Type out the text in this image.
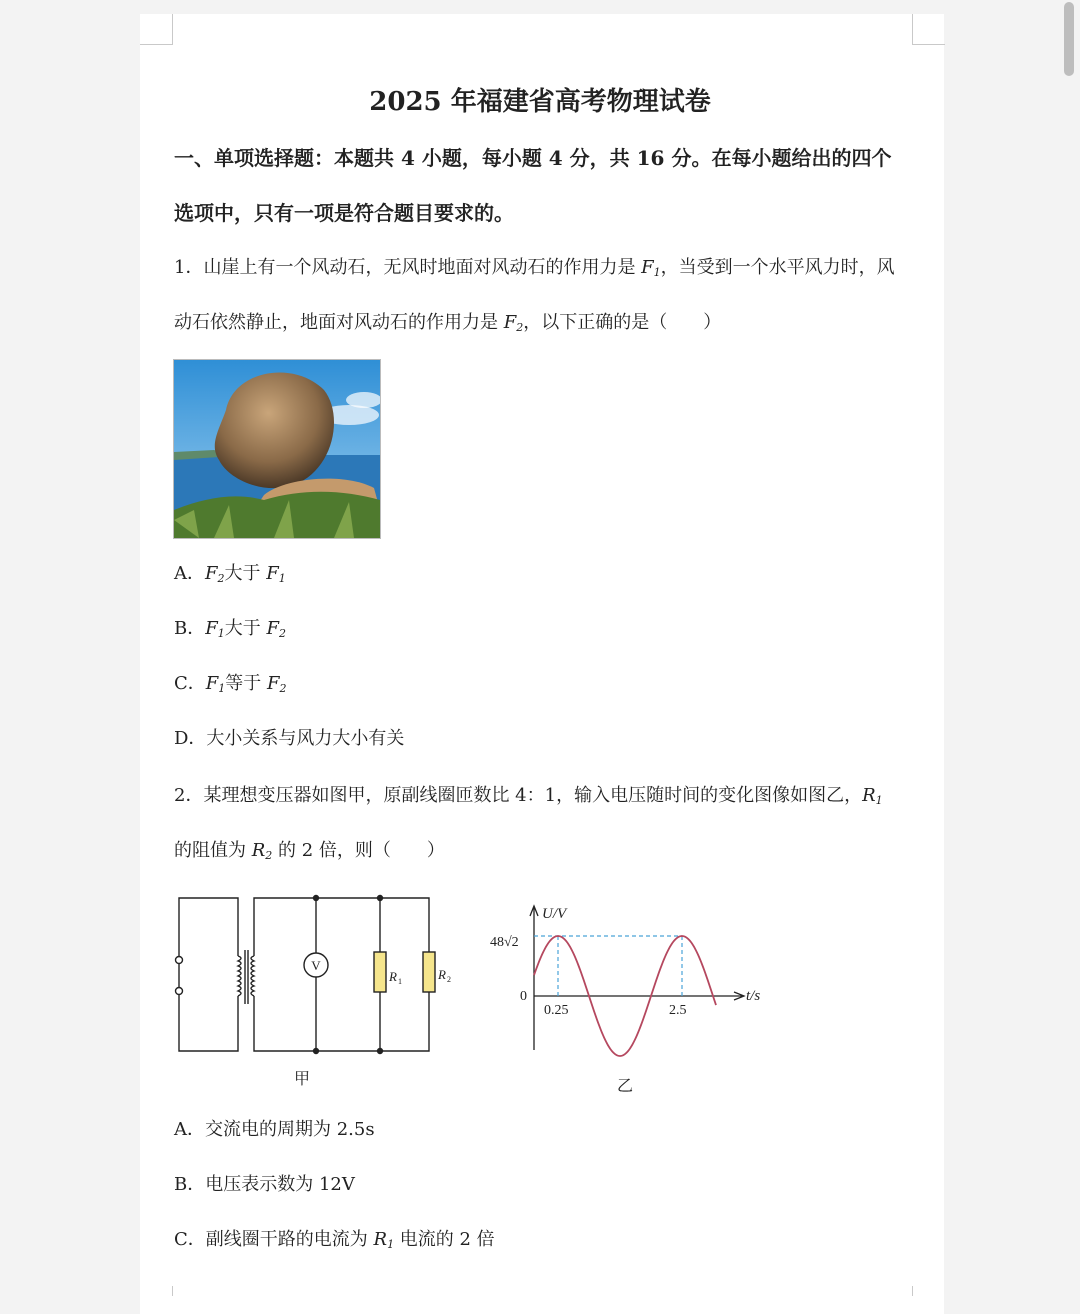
2025 年福建省高考物理试卷
一、单项选择题：本题共 4 小题，每小题 4 分，共 16 分。在每小题给出的四个
选项中，只有一项是符合题目要求的。
1．山崖上有一个风动石，无风时地面对风动石的作用力是 $F_1$，当受到一个水平风力时，风
动石依然静止，地面对风动石的作用力是 $F_2$，以下正确的是（　　）
A．$F_2$大于 $F_1$
B．$F_1$大于 $F_2$
C．$F_1$等于 $F_2$
D．大小关系与风力大小有关
2．某理想变压器如图甲，原副线圈匝数比 4：1，输入电压随时间的变化图像如图乙，$R_1$
的阻值为 $R_2$ 的 2 倍，则（　　）
V
R 1	R 2
甲
U/V
t/s
48√2
0
0.25	2.5
乙
A．交流电的周期为 2.5s
B．电压表示数为 12V
C．副线圈干路的电流为 $R_1$ 电流的 2 倍
